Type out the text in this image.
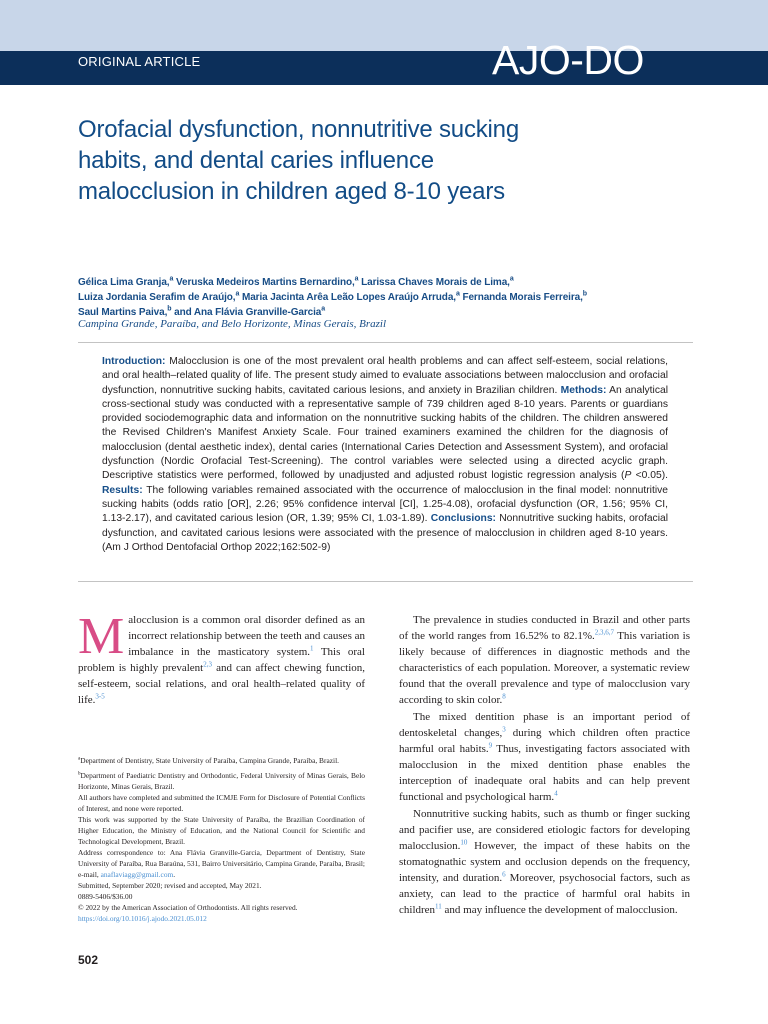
ORIGINAL ARTICLE	AJO-DO
Orofacial dysfunction, nonnutritive sucking habits, and dental caries influence malocclusion in children aged 8-10 years
Gélica Lima Granja,$^a$ Veruska Medeiros Martins Bernardino,$^a$ Larissa Chaves Morais de Lima,$^a$
Luiza Jordania Serafim de Araújo,$^a$ Maria Jacinta Arêa Leão Lopes Araújo Arruda,$^a$ Fernanda Morais Ferreira,$^b$
Saul Martins Paiva,$^b$ and Ana Flávia Granville-Garcia$^a$
Campina Grande, Paraíba, and Belo Horizonte, Minas Gerais, Brazil
Introduction: Malocclusion is one of the most prevalent oral health problems and can affect self-esteem, social relations, and oral health–related quality of life. The present study aimed to evaluate associations between malocclusion and orofacial dysfunction, nonnutritive sucking habits, cavitated carious lesions, and anxiety in Brazilian children. Methods: An analytical cross-sectional study was conducted with a representative sample of 739 children aged 8-10 years. Parents or guardians provided sociodemographic data and information on the nonnutritive sucking habits of the children. The children answered the Revised Children's Manifest Anxiety Scale. Four trained examiners examined the children for the diagnosis of malocclusion (dental aesthetic index), dental caries (International Caries Detection and Assessment System), and orofacial dysfunction (Nordic Orofacial Test-Screening). The control variables were selected using a directed acyclic graph. Descriptive statistics were performed, followed by unadjusted and adjusted robust logistic regression analysis (P <0.05). Results: The following variables remained associated with the occurrence of malocclusion in the final model: nonnutritive sucking habits (odds ratio [OR], 2.26; 95% confidence interval [CI], 1.25-4.08), orofacial dysfunction (OR, 1.56; 95% CI, 1.13-2.17), and cavitated carious lesion (OR, 1.39; 95% CI, 1.03-1.89). Conclusions: Nonnutritive sucking habits, orofacial dysfunction, and cavitated carious lesions were associated with the presence of malocclusion in children aged 8-10 years. (Am J Orthod Dentofacial Orthop 2022;162:502-9)

Malocclusion is a common oral disorder defined as an incorrect relationship between the teeth and causes an imbalance in the masticatory system.$^1$ This oral problem is highly prevalent$^{2,3}$ and can affect chewing function, self-esteem, social relations, and oral health–related quality of life.$^{3-5}$

The prevalence in studies conducted in Brazil and other parts of the world ranges from 16.52% to 82.1%.$^{2,3,6,7}$ This variation is likely because of differences in diagnostic methods and the characteristics of each population. Moreover, a systematic review found that the overall prevalence and type of malocclusion vary according to skin color.$^8$

The mixed dentition phase is an important period of dentoskeletal changes,$^3$ during which children often practice harmful oral habits.$^9$ Thus, investigating factors associated with malocclusion in the mixed dentition phase enables the interception of inadequate oral habits and can help prevent functional and psychological harm.$^4$

Nonnutritive sucking habits, such as thumb or finger sucking and pacifier use, are considered etiologic factors for developing malocclusion.$^{10}$ However, the impact of these habits on the stomatognathic system and occlusion depends on the frequency, intensity, and duration.$^6$ Moreover, psychosocial factors, such as anxiety, can lead to the practice of harmful oral habits in children$^{11}$ and may influence the development of malocclusion.

$^a$Department of Dentistry, State University of Paraíba, Campina Grande, Paraíba, Brazil.

$^b$Department of Paediatric Dentistry and Orthodontic, Federal University of Minas Gerais, Belo Horizonte, Minas Gerais, Brazil.

All authors have completed and submitted the ICMJE Form for Disclosure of Potential Conflicts of Interest, and none were reported.

This work was supported by the State University of Paraíba, the Brazilian Coordination of Higher Education, the Ministry of Education, and the National Council for Scientific and Technological Development, Brazil.

Address correspondence to: Ana Flávia Granville-Garcia, Department of Dentistry, State University of Paraíba, Rua Baraúna, 531, Bairro Universitário, Campina Grande, Paraíba, Brasil; e-mail, anaflaviagg@gmail.com.

Submitted, September 2020; revised and accepted, May 2021.

0889-5406/$36.00

© 2022 by the American Association of Orthodontists. All rights reserved.

https://doi.org/10.1016/j.ajodo.2021.05.012

502
